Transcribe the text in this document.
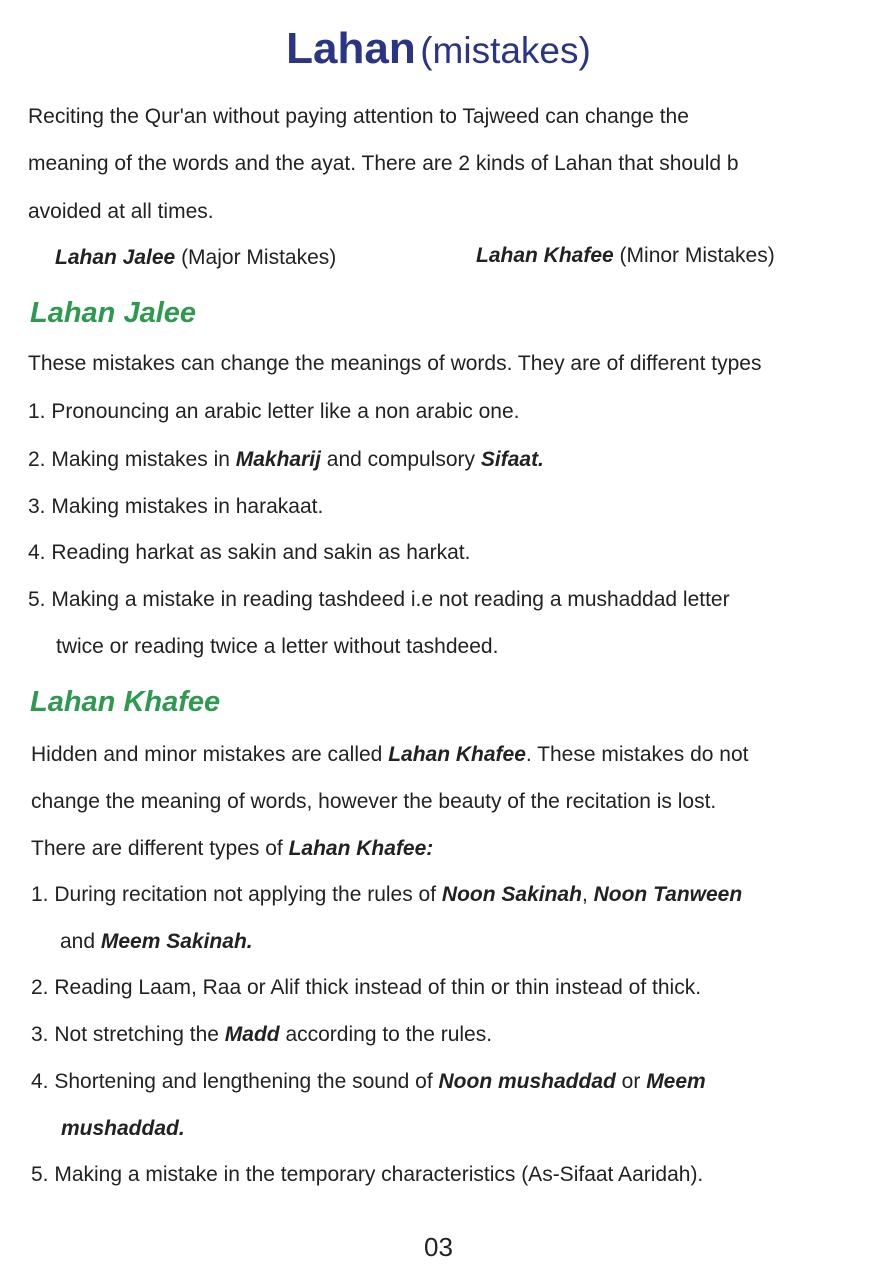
Lahan (mistakes)
Reciting the Qur'an without paying attention to Tajweed can change the
meaning of the words and the ayat. There are 2 kinds of Lahan that should b
avoided at all times.
Lahan Jalee (Major Mistakes)	Lahan Khafee (Minor Mistakes)
Lahan Jalee
These mistakes can change the meanings of words. They are of different types
1. Pronouncing an arabic letter like a non arabic one.
2. Making mistakes in Makharij and compulsory Sifaat.
3. Making mistakes in harakaat.
4. Reading harkat as sakin and sakin as harkat.
5. Making a mistake in reading tashdeed i.e not reading a mushaddad letter
twice or reading twice a letter without tashdeed.
Lahan Khafee
Hidden and minor mistakes are called Lahan Khafee. These mistakes do not
change the meaning of words, however the beauty of the recitation is lost.
There are different types of Lahan Khafee:
1. During recitation not applying the rules of Noon Sakinah, Noon Tanween
and Meem Sakinah.
2. Reading Laam, Raa or Alif thick instead of thin or thin instead of thick.
3. Not stretching the Madd according to the rules.
4. Shortening and lengthening the sound of Noon mushaddad or Meem
mushaddad.
5. Making a mistake in the temporary characteristics (As-Sifaat Aaridah).
03
